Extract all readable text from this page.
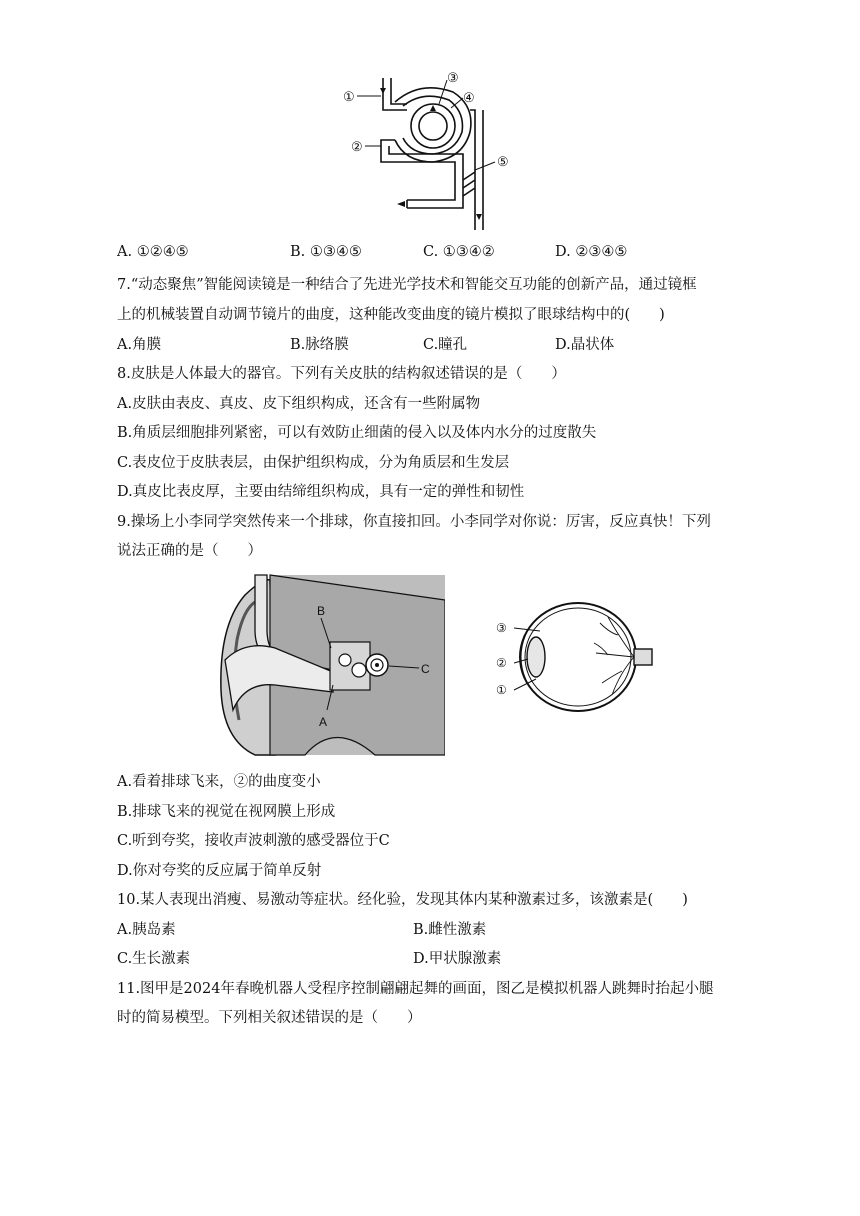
①
②
③
④
⑤
A. ①②④⑤	B. ①③④⑤	C. ①③④②	D. ②③④⑤
7.“动态聚焦”智能阅读镜是一种结合了先进光学技术和智能交互功能的创新产品，通过镜框
上的机械装置自动调节镜片的曲度，这种能改变曲度的镜片模拟了眼球结构中的(　　)
A.角膜	B.脉络膜	C.瞳孔	D.晶状体
8.皮肤是人体最大的器官。下列有关皮肤的结构叙述错误的是（　　）
A.皮肤由表皮、真皮、皮下组织构成，还含有一些附属物
B.角质层细胞排列紧密，可以有效防止细菌的侵入以及体内水分的过度散失
C.表皮位于皮肤表层，由保护组织构成，分为角质层和生发层
D.真皮比表皮厚，主要由结缔组织构成，具有一定的弹性和韧性
9.操场上小李同学突然传来一个排球，你直接扣回。小李同学对你说：厉害，反应真快！下列
说法正确的是（　　）
B
C
A
③
②
①
A.看着排球飞来，②的曲度变小
B.排球飞来的视觉在视网膜上形成
C.听到夸奖，接收声波刺激的感受器位于C
D.你对夸奖的反应属于简单反射
10.某人表现出消瘦、易激动等症状。经化验，发现其体内某种激素过多，该激素是(　　)
A.胰岛素	B.雌性激素
C.生长激素	D.甲状腺激素
11.图甲是2024年春晚机器人受程序控制翩翩起舞的画面，图乙是模拟机器人跳舞时抬起小腿
时的简易模型。下列相关叙述错误的是（　　）
